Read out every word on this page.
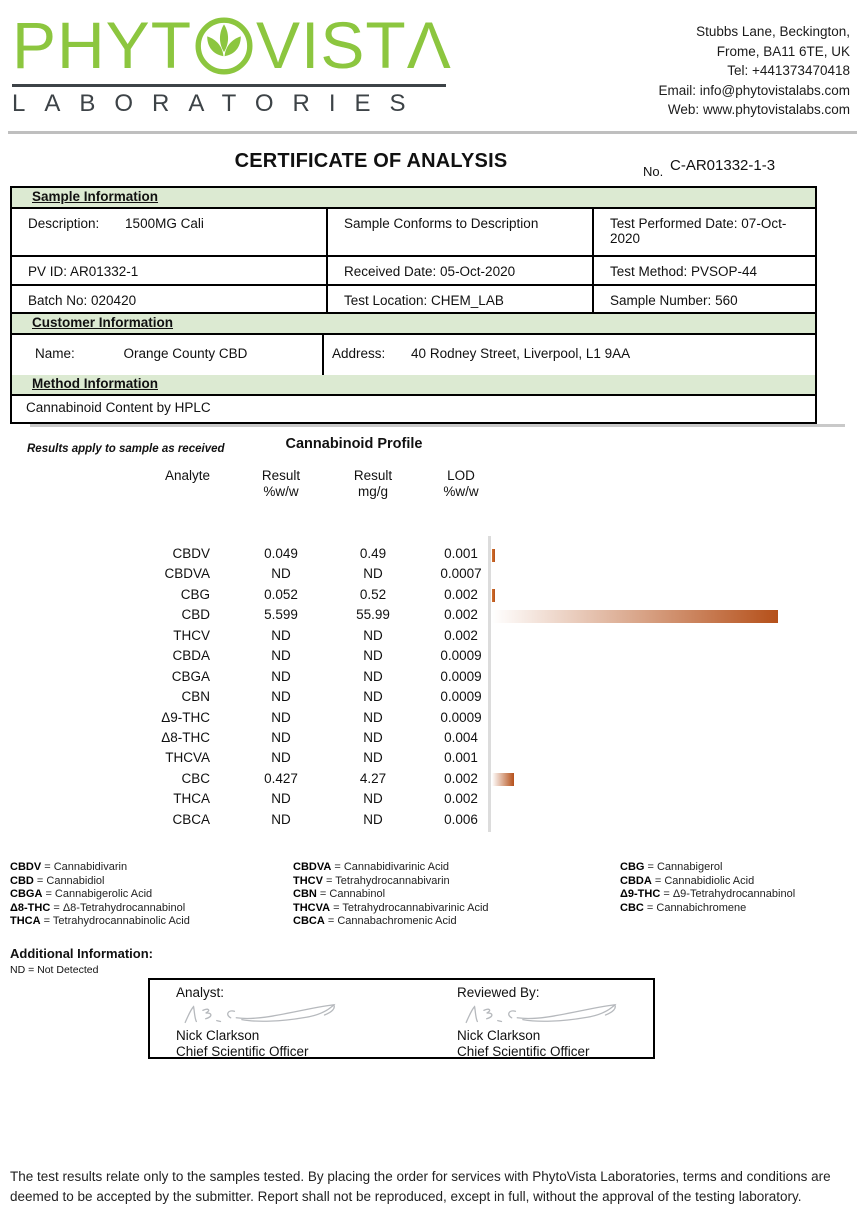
PHYT VIST Λ
LABORATORIES
Stubbs Lane, Beckington,
Frome, BA11 6TE, UK
Tel: +441373470418
Email: info@phytovistalabs.com
Web: www.phytovistalabs.com
CERTIFICATE OF ANALYSIS	No. C-AR01332-1-3
Sample Information
Description: 1500MG Cali	Sample Conforms to Description	Test Performed Date: 07-Oct-2020
PV ID: AR01332-1	Received Date: 05-Oct-2020	Test Method: PVSOP-44
Batch No: 020420	Test Location: CHEM_LAB	Sample Number: 560
Customer Information
Name:	Orange County CBD	Address: 40 Rodney Street, Liverpool, L1 9AA
Method Information
Cannabinoid Content by HPLC
Cannabinoid Profile
Results apply to sample as received
Analyte	Result
%w/w
Result
mg/g
LOD
%w/w
CBDV	0.049	0.49	0.001
CBDVA	ND	ND	0.0007
CBG	0.052	0.52	0.002
CBD	5.599	55.99	0.002
THCV	ND	ND	0.002
CBDA	ND	ND	0.0009
CBGA	ND	ND	0.0009
CBN	ND	ND	0.0009
Δ9-THC	ND	ND	0.0009
Δ8-THC	ND	ND	0.004
THCVA	ND	ND	0.001
CBC	0.427	4.27	0.002
THCA	ND	ND	0.002
CBCA	ND	ND	0.006
CBDV = Cannabidivarin
CBD = Cannabidiol
CBGA = Cannabigerolic Acid
Δ8-THC = Δ8-Tetrahydrocannabinol
THCA = Tetrahydrocannabinolic Acid
CBDVA = Cannabidivarinic Acid
THCV = Tetrahydrocannabivarin
CBN = Cannabinol
THCVA = Tetrahydrocannabivarinic Acid
CBCA = Cannabachromenic Acid
CBG = Cannabigerol
CBDA = Cannabidiolic Acid
Δ9-THC = Δ9-Tetrahydrocannabinol
CBC = Cannabichromene
Additional Information:
ND = Not Detected
Analyst:
Nick Clarkson
Chief Scientific Officer
Reviewed By:
Nick Clarkson
Chief Scientific Officer
The test results relate only to the samples tested. By placing the order for services with PhytoVista Laboratories, terms and conditions are deemed to be accepted by the submitter. Report shall not be reproduced, except in full, without the approval of the testing laboratory.
